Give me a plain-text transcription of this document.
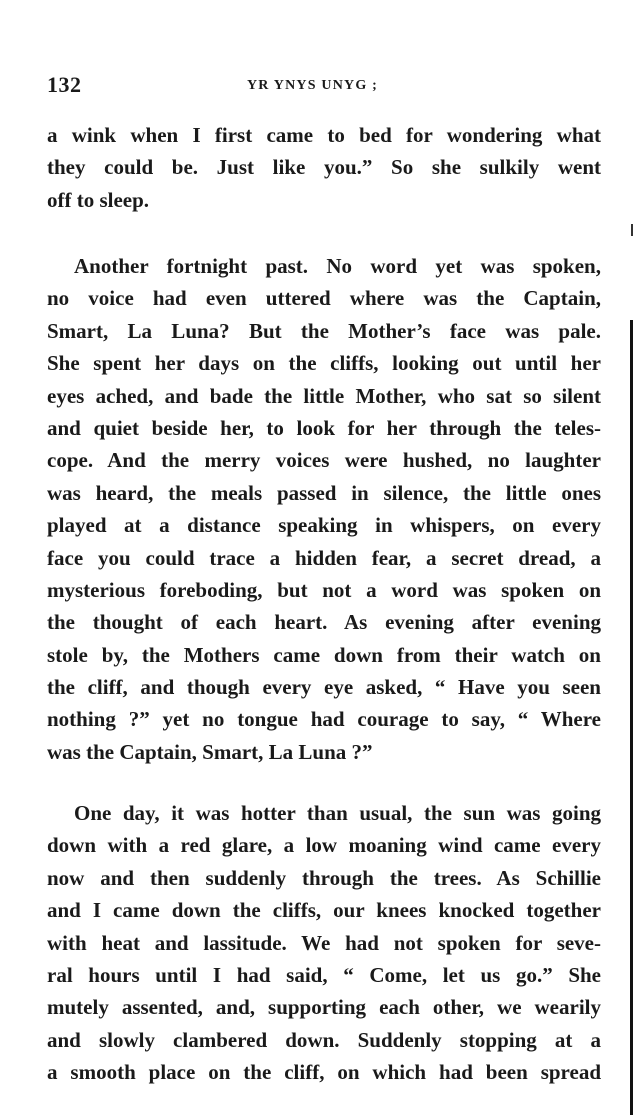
132	YR YNYS UNYG ;
a wink when I first came to bed for wondering what
they could be. Just like you.” So she sulkily went
off to sleep.
Another fortnight past. No word yet was spoken,
no voice had even uttered where was the Captain,
Smart, La Luna? But the Mother’s face was pale.
She spent her days on the cliffs, looking out until her
eyes ached, and bade the little Mother, who sat so silent
and quiet beside her, to look for her through the teles-
cope. And the merry voices were hushed, no laughter
was heard, the meals passed in silence, the little ones
played at a distance speaking in whispers, on every
face you could trace a hidden fear, a secret dread, a
mysterious foreboding, but not a word was spoken on
the thought of each heart. As evening after evening
stole by, the Mothers came down from their watch on
the cliff, and though every eye asked, “ Have you seen
nothing ?” yet no tongue had courage to say, “ Where
was the Captain, Smart, La Luna ?”
One day, it was hotter than usual, the sun was going
down with a red glare, a low moaning wind came every
now and then suddenly through the trees. As Schillie
and I came down the cliffs, our knees knocked together
with heat and lassitude. We had not spoken for seve-
ral hours until I had said, “ Come, let us go.” She
mutely assented, and, supporting each other, we wearily
and slowly clambered down. Suddenly stopping at a
a smooth place on the cliff, on which had been spread
